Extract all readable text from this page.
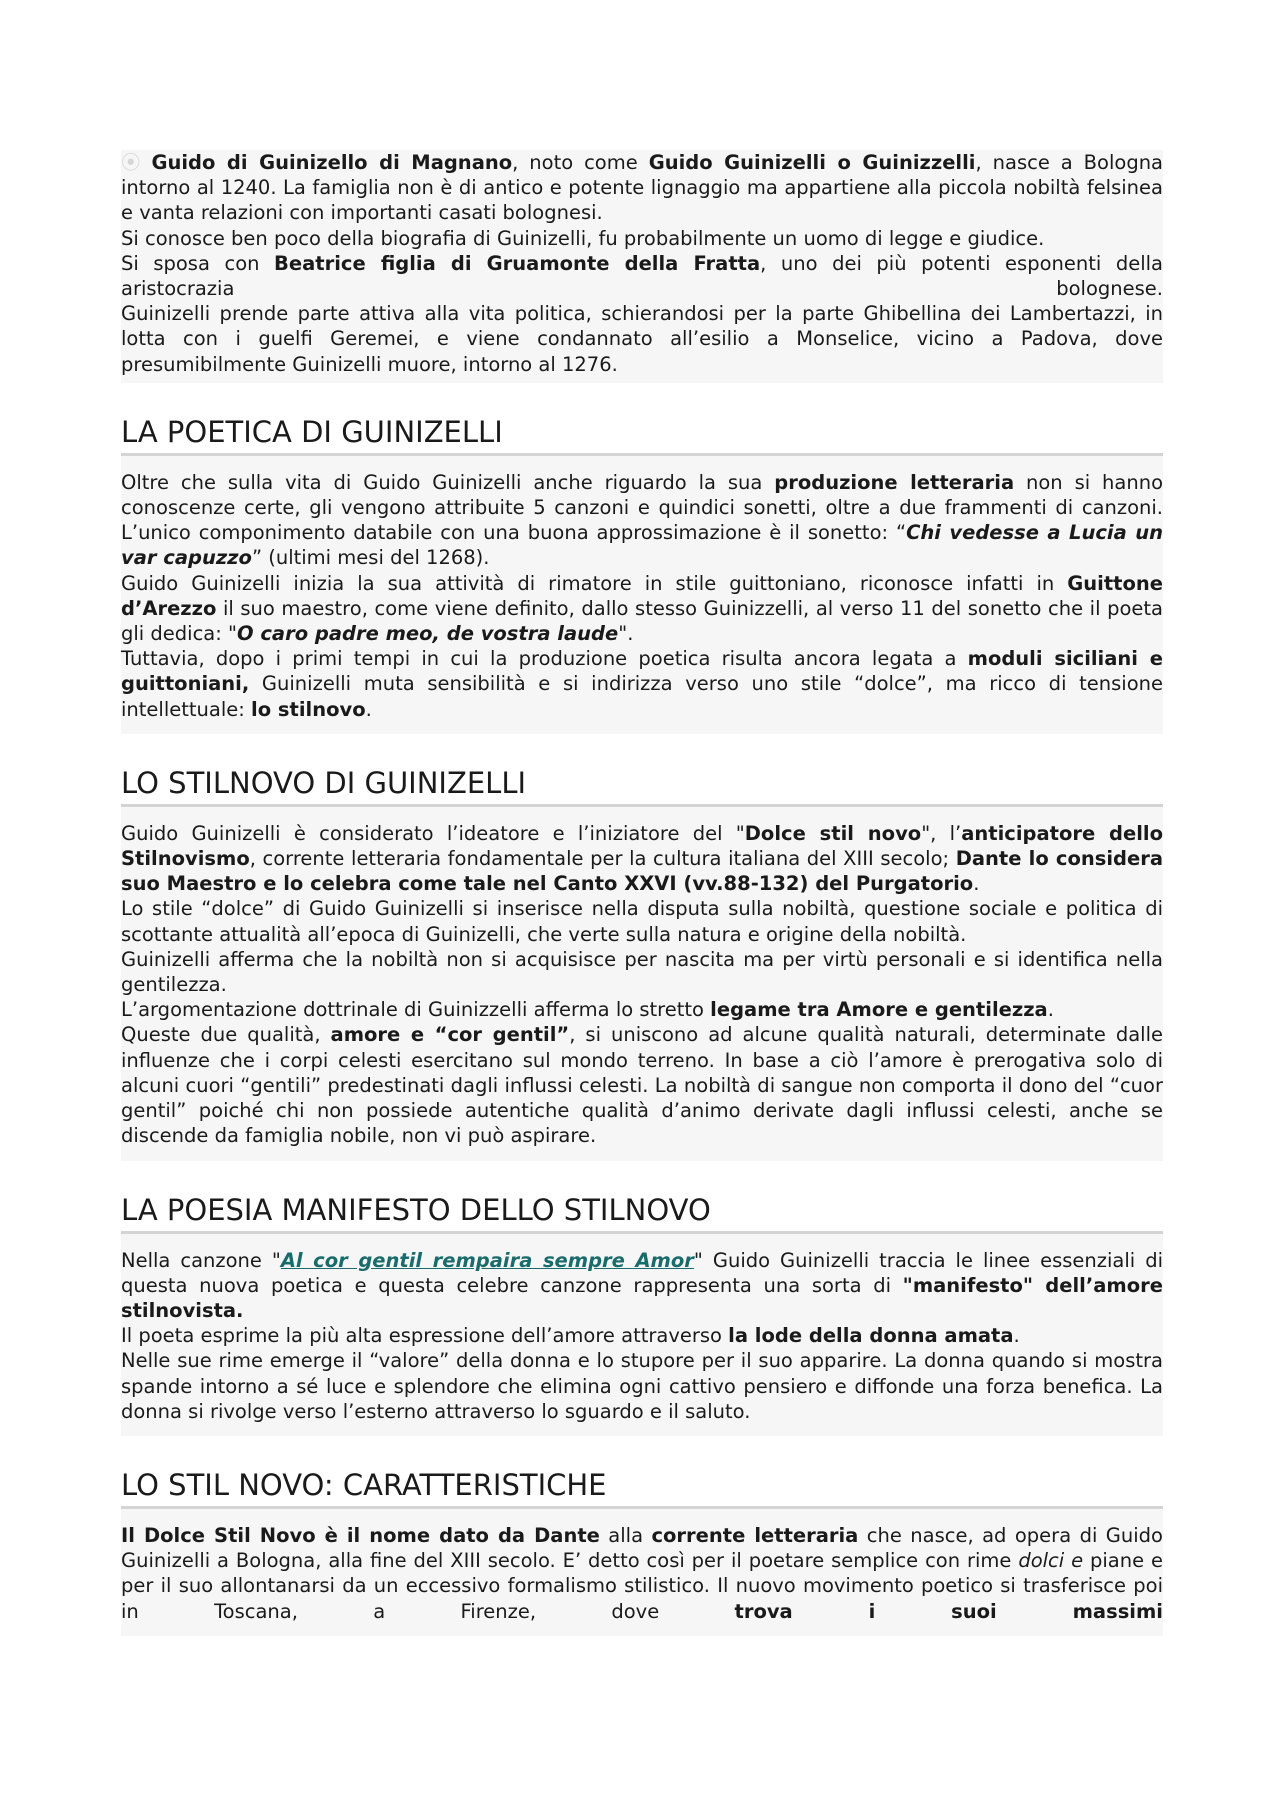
⦿ Guido di Guinizello di Magnano, noto come Guido Guinizelli o Guinizzelli, nasce a Bologna intorno al 1240. La famiglia non è di antico e potente lignaggio ma appartiene alla piccola nobiltà felsinea e vanta relazioni con importanti casati bolognesi.

Si conosce ben poco della biografia di Guinizelli, fu probabilmente un uomo di legge e giudice.

Si sposa con Beatrice figlia di Gruamonte della Fratta, uno dei più potenti esponenti della aristocrazia bolognese.

Guinizelli prende parte attiva alla vita politica, schierandosi per la parte Ghibellina dei Lambertazzi, in lotta con i guelfi Geremei, e viene condannato all’esilio a Monselice, vicino a Padova, dove presumibilmente Guinizelli muore, intorno al 1276.

LA POETICA DI GUINIZELLI

Oltre che sulla vita di Guido Guinizelli anche riguardo la sua produzione letteraria non si hanno conoscenze certe, gli vengono attribuite 5 canzoni e quindici sonetti, oltre a due frammenti di canzoni. L’unico componimento databile con una buona approssimazione è il sonetto: “Chi vedesse a Lucia un var capuzzo” (ultimi mesi del 1268).

Guido Guinizelli inizia la sua attività di rimatore in stile guittoniano, riconosce infatti in Guittone d’Arezzo il suo maestro, come viene definito, dallo stesso Guinizzelli, al verso 11 del sonetto che il poeta gli dedica: "O caro padre meo, de vostra laude".

Tuttavia, dopo i primi tempi in cui la produzione poetica risulta ancora legata a moduli siciliani e guittoniani, Guinizelli muta sensibilità e si indirizza verso uno stile “dolce”, ma ricco di tensione intellettuale: lo stilnovo.

LO STILNOVO DI GUINIZELLI

Guido Guinizelli è considerato l’ideatore e l’iniziatore del "Dolce stil novo", l’anticipatore dello Stilnovismo, corrente letteraria fondamentale per la cultura italiana del XIII secolo; Dante lo considera suo Maestro e lo celebra come tale nel Canto XXVI (vv.88-132) del Purgatorio.

Lo stile “dolce” di Guido Guinizelli si inserisce nella disputa sulla nobiltà, questione sociale e politica di scottante attualità all’epoca di Guinizelli, che verte sulla natura e origine della nobiltà.

Guinizelli afferma che la nobiltà non si acquisisce per nascita ma per virtù personali e si identifica nella gentilezza.

L’argomentazione dottrinale di Guinizzelli afferma lo stretto legame tra Amore e gentilezza.

Queste due qualità, amore e “cor gentil”, si uniscono ad alcune qualità naturali, determinate dalle influenze che i corpi celesti esercitano sul mondo terreno. In base a ciò l’amore è prerogativa solo di alcuni cuori “gentili” predestinati dagli influssi celesti. La nobiltà di sangue non comporta il dono del “cuor gentil” poiché chi non possiede autentiche qualità d’animo derivate dagli influssi celesti, anche se discende da famiglia nobile, non vi può aspirare.

LA POESIA MANIFESTO DELLO STILNOVO

Nella canzone "Al cor gentil rempaira sempre Amor" Guido Guinizelli traccia le linee essenziali di questa nuova poetica e questa celebre canzone rappresenta una sorta di "manifesto" dell’amore stilnovista.

Il poeta esprime la più alta espressione dell’amore attraverso la lode della donna amata.

Nelle sue rime emerge il “valore” della donna e lo stupore per il suo apparire. La donna quando si mostra spande intorno a sé luce e splendore che elimina ogni cattivo pensiero e diffonde una forza benefica. La donna si rivolge verso l’esterno attraverso lo sguardo e il saluto.

LO STIL NOVO: CARATTERISTICHE

Il Dolce Stil Novo è il nome dato da Dante alla corrente letteraria che nasce, ad opera di Guido Guinizelli a Bologna, alla fine del XIII secolo. E’ detto così per il poetare semplice con rime dolci e piane e per il suo allontanarsi da un eccessivo formalismo stilistico. Il nuovo movimento poetico si trasferisce poi in Toscana, a Firenze, dove trova i suoi massimi
